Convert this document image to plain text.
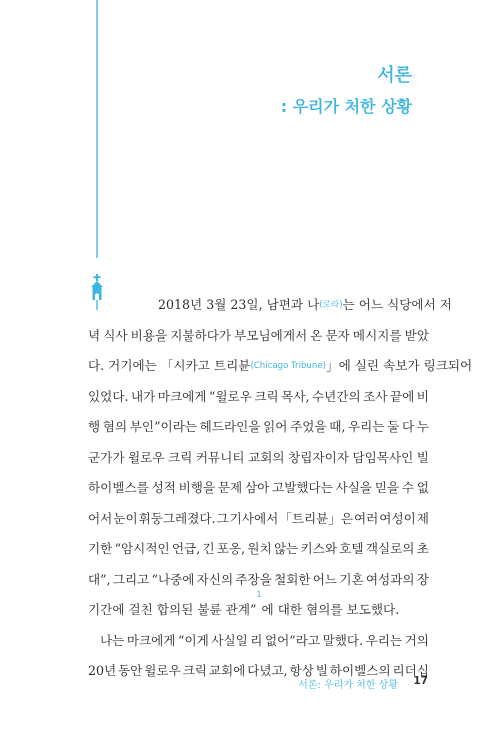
서론
: 우리가 처한 상황
2018년 3월 23일, 남편과 나 (로라) 는 어느 식당에서 저
녁 식사 비용을 지불하다가 부모님에게서 온 문자 메시지를 받았
다. 거기에는 「시카고 트리뷴 (Chicago Tribune) 」에 실린 속보가 링크되어
있었다. 내가 마크에게 “윌로우 크릭 목사, 수년간의 조사 끝에 비
행 혐의 부인”이라는 헤드라인을 읽어 주었을 때, 우리는 둘 다 누
군가가 윌로우 크릭 커뮤니티 교회의 창립자이자 담임목사인 빌
하이벨스를 성적 비행을 문제 삼아 고발했다는 사실을 믿을 수 없
어서 눈이 휘둥그레졌다. 그 기사에서 「트리뷴」은 여러 여성이 제
기한 “암시적인 언급, 긴 포옹, 원치 않는 키스와 호텔 객실로의 초
대”, 그리고 “나중에 자신의 주장을 철회한 어느 기혼 여성과의 장
기간에 걸친 합의된 불륜 관계”
1
에 대한 혐의를 보도했다.
나는 마크에게 “이게 사실일 리 없어”라고 말했다. 우리는 거의
20년 동안 윌로우 크릭 교회에 다녔고, 항상 빌 하이벨스의 리더십
서론: 우리가 처한 상황 17
